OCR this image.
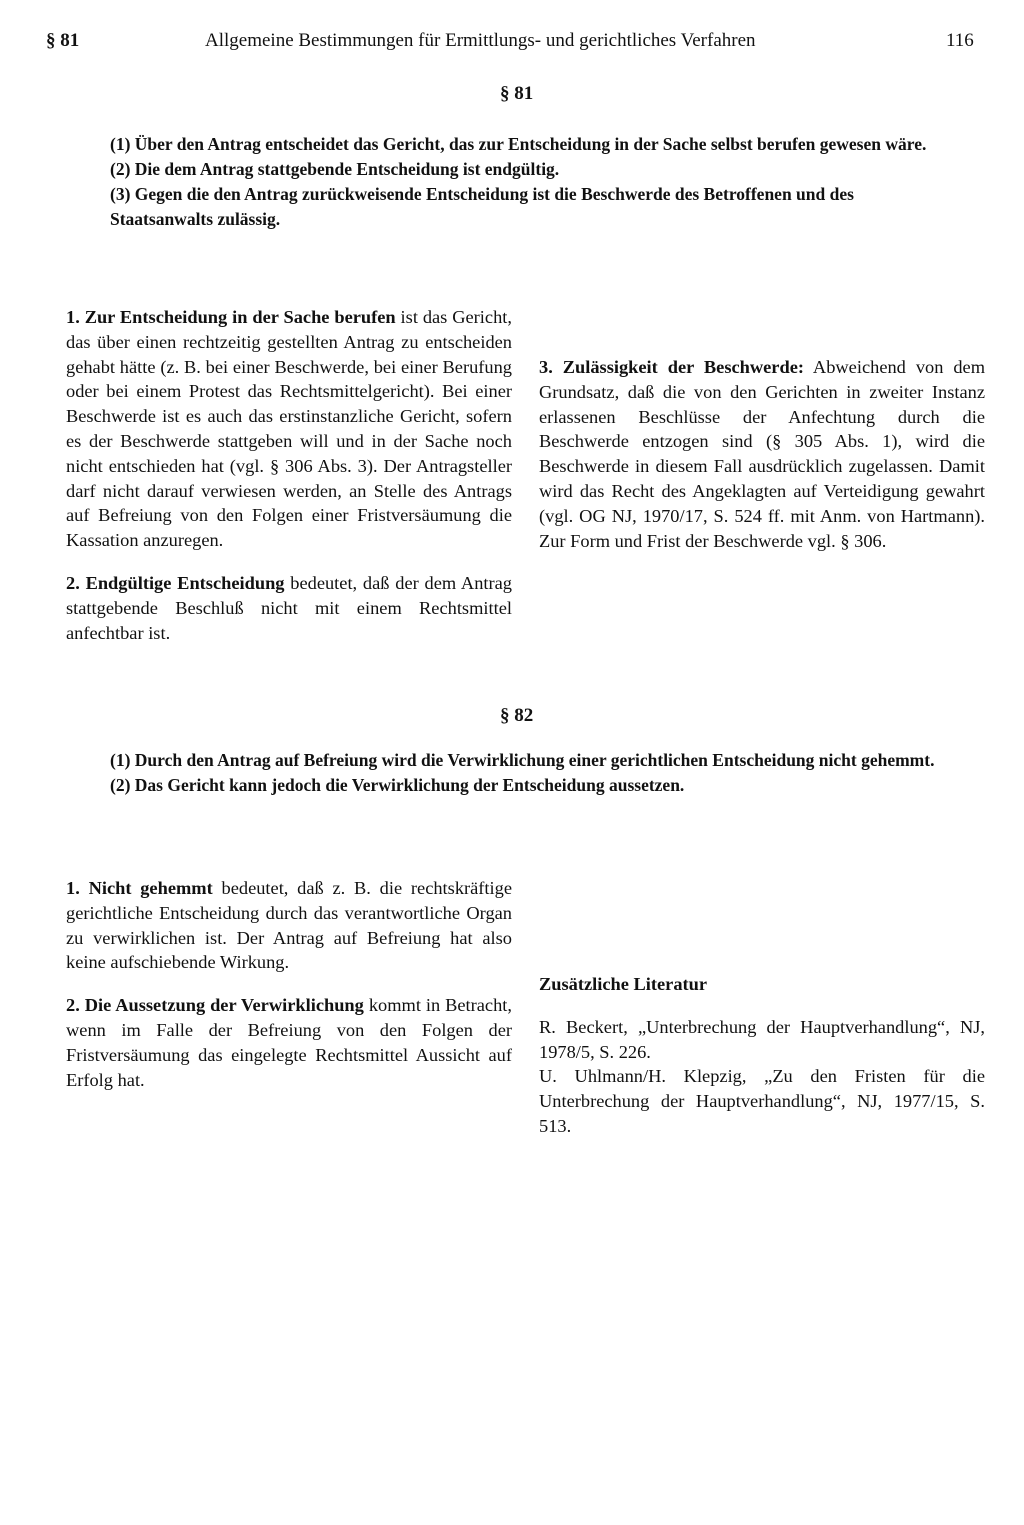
§ 81	Allgemeine Bestimmungen für Ermittlungs- und gerichtliches Verfahren	116
§ 81

(1) Über den Antrag entscheidet das Gericht, das zur Entscheidung in der Sache selbst berufen gewesen wäre.

(2) Die dem Antrag stattgebende Entscheidung ist endgültig.

(3) Gegen die den Antrag zurückweisende Entscheidung ist die Beschwerde des Betroffenen und des Staatsanwalts zulässig.

1. Zur Entscheidung in der Sache berufen ist das Gericht, das über einen rechtzeitig gestellten Antrag zu entscheiden gehabt hätte (z. B. bei einer Beschwerde, bei einer Berufung oder bei einem Protest das Rechtsmittelgericht). Bei einer Beschwerde ist es auch das erstinstanzliche Gericht, sofern es der Beschwerde stattgeben will und in der Sache noch nicht entschieden hat (vgl. § 306 Abs. 3). Der Antragsteller darf nicht darauf verwiesen werden, an Stelle des Antrags auf Befreiung von den Folgen einer Fristversäumung die Kassation anzuregen.

2. Endgültige Entscheidung bedeutet, daß der dem Antrag stattgebende Beschluß nicht mit einem Rechtsmittel anfechtbar ist.

3. Zulässigkeit der Beschwerde: Abweichend von dem Grundsatz, daß die von den Gerichten in zweiter Instanz erlassenen Beschlüsse der Anfechtung durch die Beschwerde entzogen sind (§ 305 Abs. 1), wird die Beschwerde in diesem Fall ausdrücklich zugelassen. Damit wird das Recht des Angeklagten auf Verteidigung gewahrt (vgl. OG NJ, 1970/17, S. 524 ff. mit Anm. von Hartmann). Zur Form und Frist der Beschwerde vgl. § 306.

§ 82

(1) Durch den Antrag auf Befreiung wird die Verwirklichung einer gerichtlichen Entscheidung nicht gehemmt.

(2) Das Gericht kann jedoch die Verwirklichung der Entscheidung aussetzen.

1. Nicht gehemmt bedeutet, daß z. B. die rechtskräftige gerichtliche Entscheidung durch das verantwortliche Organ zu verwirklichen ist. Der Antrag auf Befreiung hat also keine aufschiebende Wirkung.

2. Die Aussetzung der Verwirklichung kommt in Betracht, wenn im Falle der Befreiung von den Folgen der Fristversäumung das eingelegte Rechtsmittel Aussicht auf Erfolg hat.

Zusätzliche Literatur

R. Beckert, „Unterbrechung der Hauptverhandlung“, NJ, 1978/5, S. 226.

U. Uhlmann/H. Klepzig, „Zu den Fristen für die Unterbrechung der Hauptverhandlung“, NJ, 1977/15, S. 513.
